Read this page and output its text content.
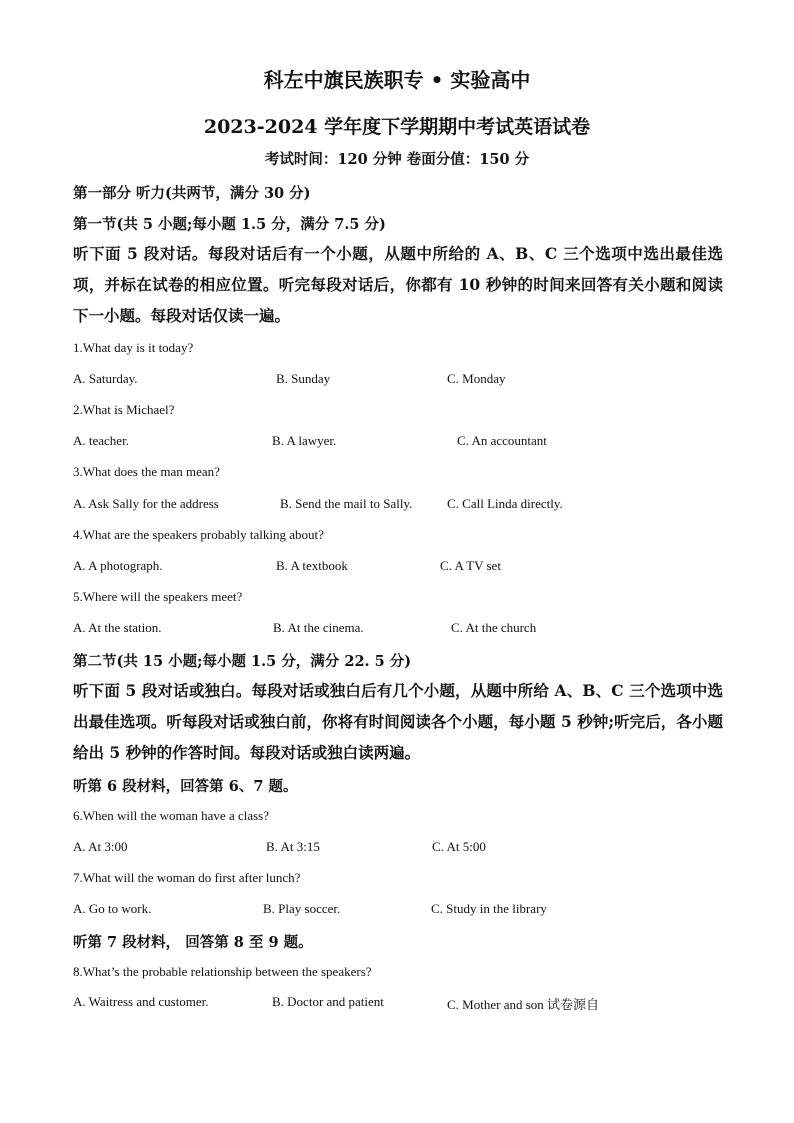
科左中旗民族职专 • 实验高中
2023-2024 学年度下学期期中考试英语试卷
考试时间：120 分钟 卷面分值：150 分
第一部分 听力(共两节，满分 30 分)
第一节(共 5 小题;每小题 1.5 分，满分 7.5 分)
听下面 5 段对话。每段对话后有一个小题，从题中所给的 A、B、C 三个选项中选出最佳选项，并标在试卷的相应位置。听完每段对话后，你都有 10 秒钟的时间来回答有关小题和阅读下一小题。每段对话仅读一遍。
1.What day is it today?
A. Saturday.	B. Sunday	C. Monday
2.What is Michael?
A. teacher.	B. A lawyer.	C. An accountant
3.What does the man mean?
A. Ask Sally for the address	B. Send the mail to Sally.	C. Call Linda directly.
4.What are the speakers probably talking about?
A. A photograph.	B. A textbook	C. A TV set
5.Where will the speakers meet?
A. At the station.	B. At the cinema.	C. At the church
第二节(共 15 小题;每小题 1.5 分，满分 22. 5 分)
听下面 5 段对话或独白。每段对话或独白后有几个小题，从题中所给 A、B、C 三个选项中选出最佳选项。听每段对话或独白前，你将有时间阅读各个小题，每小题 5 秒钟;听完后，各小题给出 5 秒钟的作答时间。每段对话或独白读两遍。
听第 6 段材料，回答第 6、7 题。
6.When will the woman have a class?
A. At 3:00	B. At 3:15	C. At 5:00
7.What will the woman do first after lunch?
A. Go to work.	B. Play soccer.	C. Study in the library
听第 7 段材料， 回答第 8 至 9 题。
8.What’s the probable relationship between the speakers?
A. Waitress and customer.	B. Doctor and patient	C. Mother and son 试卷源自
